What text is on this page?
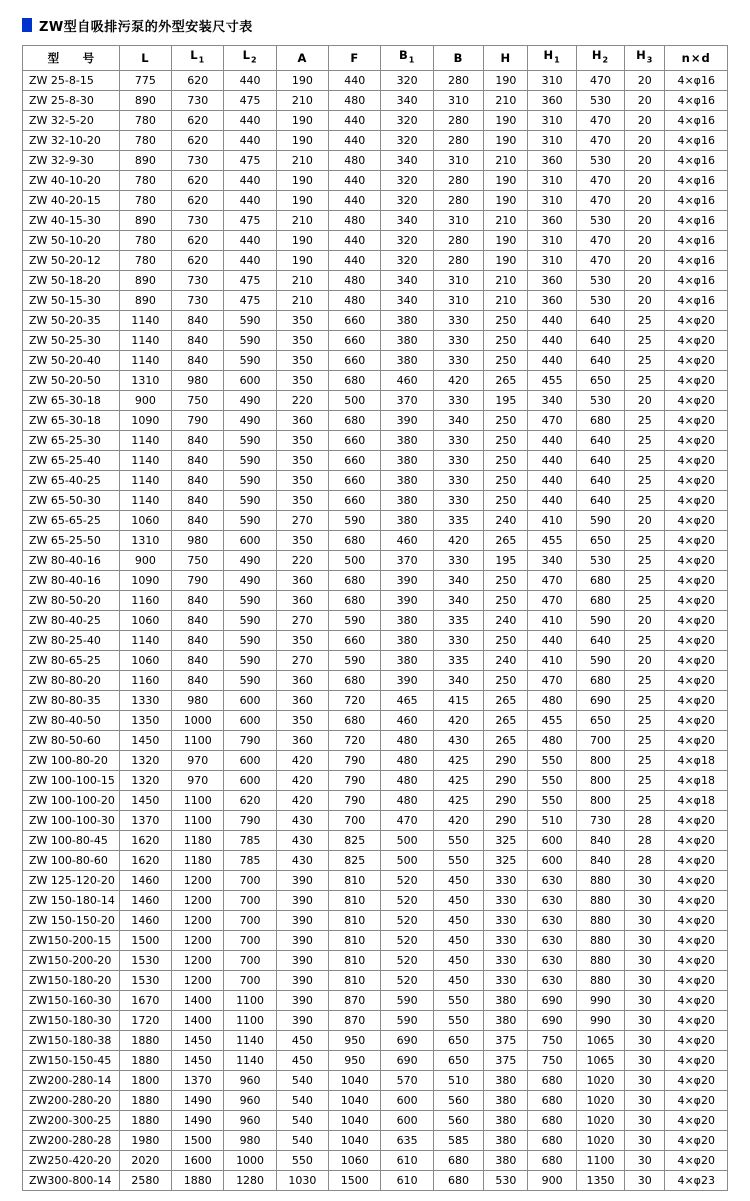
ZW型自吸排污泵的外型安装尺寸表
型　号	L	$L_1$	$L_2$	A	F	$B_1$	B	H	$H_1$	$H_2$	$H_3$	n×d
ZW 25-8-15	775	620	440	190	440	320	280	190	310	470	20	4×φ16
ZW 25-8-30	890	730	475	210	480	340	310	210	360	530	20	4×φ16
ZW 32-5-20	780	620	440	190	440	320	280	190	310	470	20	4×φ16
ZW 32-10-20	780	620	440	190	440	320	280	190	310	470	20	4×φ16
ZW 32-9-30	890	730	475	210	480	340	310	210	360	530	20	4×φ16
ZW 40-10-20	780	620	440	190	440	320	280	190	310	470	20	4×φ16
ZW 40-20-15	780	620	440	190	440	320	280	190	310	470	20	4×φ16
ZW 40-15-30	890	730	475	210	480	340	310	210	360	530	20	4×φ16
ZW 50-10-20	780	620	440	190	440	320	280	190	310	470	20	4×φ16
ZW 50-20-12	780	620	440	190	440	320	280	190	310	470	20	4×φ16
ZW 50-18-20	890	730	475	210	480	340	310	210	360	530	20	4×φ16
ZW 50-15-30	890	730	475	210	480	340	310	210	360	530	20	4×φ16
ZW 50-20-35	1140	840	590	350	660	380	330	250	440	640	25	4×φ20
ZW 50-25-30	1140	840	590	350	660	380	330	250	440	640	25	4×φ20
ZW 50-20-40	1140	840	590	350	660	380	330	250	440	640	25	4×φ20
ZW 50-20-50	1310	980	600	350	680	460	420	265	455	650	25	4×φ20
ZW 65-30-18	900	750	490	220	500	370	330	195	340	530	20	4×φ20
ZW 65-30-18	1090	790	490	360	680	390	340	250	470	680	25	4×φ20
ZW 65-25-30	1140	840	590	350	660	380	330	250	440	640	25	4×φ20
ZW 65-25-40	1140	840	590	350	660	380	330	250	440	640	25	4×φ20
ZW 65-40-25	1140	840	590	350	660	380	330	250	440	640	25	4×φ20
ZW 65-50-30	1140	840	590	350	660	380	330	250	440	640	25	4×φ20
ZW 65-65-25	1060	840	590	270	590	380	335	240	410	590	20	4×φ20
ZW 65-25-50	1310	980	600	350	680	460	420	265	455	650	25	4×φ20
ZW 80-40-16	900	750	490	220	500	370	330	195	340	530	25	4×φ20
ZW 80-40-16	1090	790	490	360	680	390	340	250	470	680	25	4×φ20
ZW 80-50-20	1160	840	590	360	680	390	340	250	470	680	25	4×φ20
ZW 80-40-25	1060	840	590	270	590	380	335	240	410	590	20	4×φ20
ZW 80-25-40	1140	840	590	350	660	380	330	250	440	640	25	4×φ20
ZW 80-65-25	1060	840	590	270	590	380	335	240	410	590	20	4×φ20
ZW 80-80-20	1160	840	590	360	680	390	340	250	470	680	25	4×φ20
ZW 80-80-35	1330	980	600	360	720	465	415	265	480	690	25	4×φ20
ZW 80-40-50	1350	1000	600	350	680	460	420	265	455	650	25	4×φ20
ZW 80-50-60	1450	1100	790	360	720	480	430	265	480	700	25	4×φ20
ZW 100-80-20	1320	970	600	420	790	480	425	290	550	800	25	4×φ18
ZW 100-100-15	1320	970	600	420	790	480	425	290	550	800	25	4×φ18
ZW 100-100-20	1450	1100	620	420	790	480	425	290	550	800	25	4×φ18
ZW 100-100-30	1370	1100	790	430	700	470	420	290	510	730	28	4×φ20
ZW 100-80-45	1620	1180	785	430	825	500	550	325	600	840	28	4×φ20
ZW 100-80-60	1620	1180	785	430	825	500	550	325	600	840	28	4×φ20
ZW 125-120-20	1460	1200	700	390	810	520	450	330	630	880	30	4×φ20
ZW 150-180-14	1460	1200	700	390	810	520	450	330	630	880	30	4×φ20
ZW 150-150-20	1460	1200	700	390	810	520	450	330	630	880	30	4×φ20
ZW150-200-15	1500	1200	700	390	810	520	450	330	630	880	30	4×φ20
ZW150-200-20	1530	1200	700	390	810	520	450	330	630	880	30	4×φ20
ZW150-180-20	1530	1200	700	390	810	520	450	330	630	880	30	4×φ20
ZW150-160-30	1670	1400	1100	390	870	590	550	380	690	990	30	4×φ20
ZW150-180-30	1720	1400	1100	390	870	590	550	380	690	990	30	4×φ20
ZW150-180-38	1880	1450	1140	450	950	690	650	375	750	1065	30	4×φ20
ZW150-150-45	1880	1450	1140	450	950	690	650	375	750	1065	30	4×φ20
ZW200-280-14	1800	1370	960	540	1040	570	510	380	680	1020	30	4×φ20
ZW200-280-20	1880	1490	960	540	1040	600	560	380	680	1020	30	4×φ20
ZW200-300-25	1880	1490	960	540	1040	600	560	380	680	1020	30	4×φ20
ZW200-280-28	1980	1500	980	540	1040	635	585	380	680	1020	30	4×φ20
ZW250-420-20	2020	1600	1000	550	1060	610	680	380	680	1100	30	4×φ20
ZW300-800-14	2580	1880	1280	1030	1500	610	680	530	900	1350	30	4×φ23
